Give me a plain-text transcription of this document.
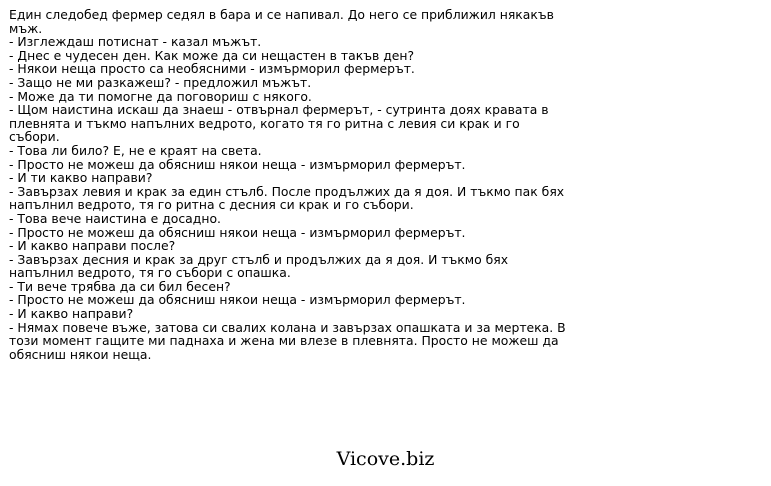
Един следобед фермер седял в бара и се напивал. До него се приближил някакъв мъж.
- Изглеждаш потиснат - казал мъжът.
- Днес е чудесен ден. Как може да си нещастен в такъв ден?
- Някои неща просто са необясними - измърморил фермерът.
- Защо не ми разкажеш? - предложил мъжът.
- Може да ти помогне да поговориш с някого.
- Щом наистина искаш да знаеш - отвърнал фермерът, - сутринта доях кравата в плевнята и тъкмо напълних ведрото, когато тя го ритна с левия си крак и го събори.
- Това ли било? Е, не е краят на света.
- Просто не можеш да обясниш някои неща - измърморил фермерът.
- И ти какво направи?
- Завързах левия и крак за един стълб. После продължих да я доя. И тъкмо пак бях напълнил ведрото, тя го ритна с десния си крак и го събори.
- Това вече наистина е досадно.
- Просто не можеш да обясниш някои неща - измърморил фермерът.
- И какво направи после?
- Завързах десния и крак за друг стълб и продължих да я доя. И тъкмо бях напълнил ведрото, тя го събори с опашка.
- Ти вече трябва да си бил бесен?
- Просто не можеш да обясниш някои неща - измърморил фермерът.
- И какво направи?
- Нямах повече въже, затова си свалих колана и завързах опашката и за мертека. В този момент гащите ми паднаха и жена ми влезе в плевнята. Просто не можеш да обясниш някои неща.
Vicove.biz
